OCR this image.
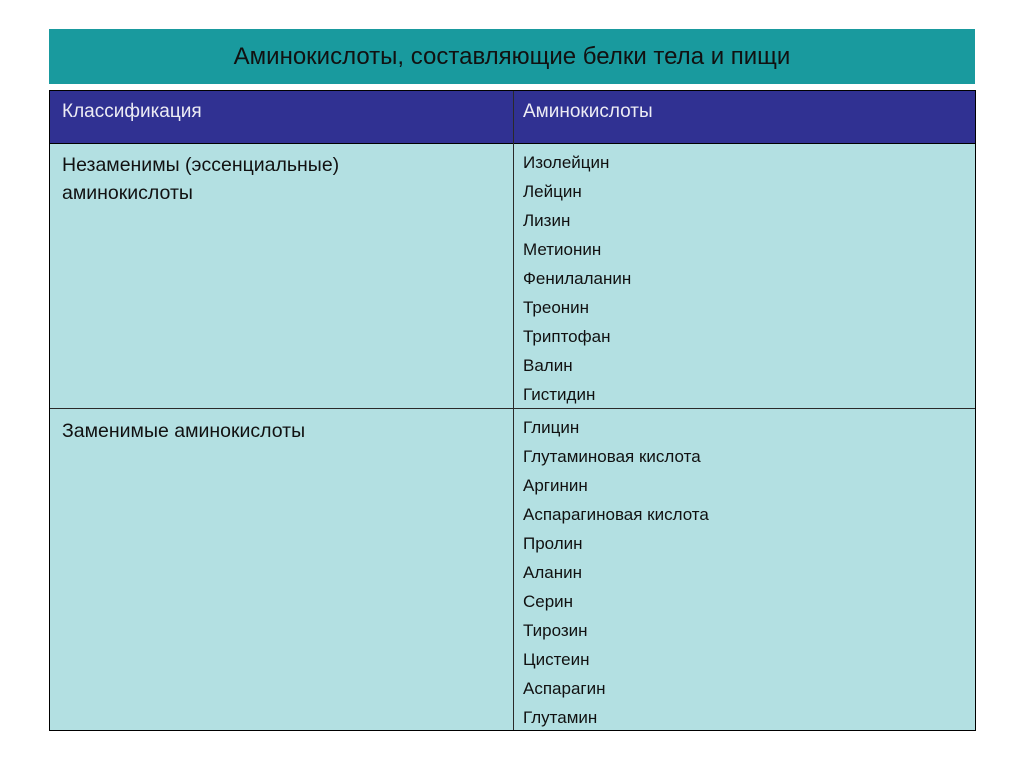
Аминокислоты, составляющие белки тела и пищи
Классификация	Аминокислоты
Незаменимы (эссенциальные)
аминокислоты
Изолейцин
Лейцин
Лизин
Метионин
Фенилаланин
Треонин
Триптофан
Валин
Гистидин
Заменимые аминокислоты	Глицин
Глутаминовая кислота
Аргинин
Аспарагиновая кислота
Пролин
Аланин
Серин
Тирозин
Цистеин
Аспарагин
Глутамин
